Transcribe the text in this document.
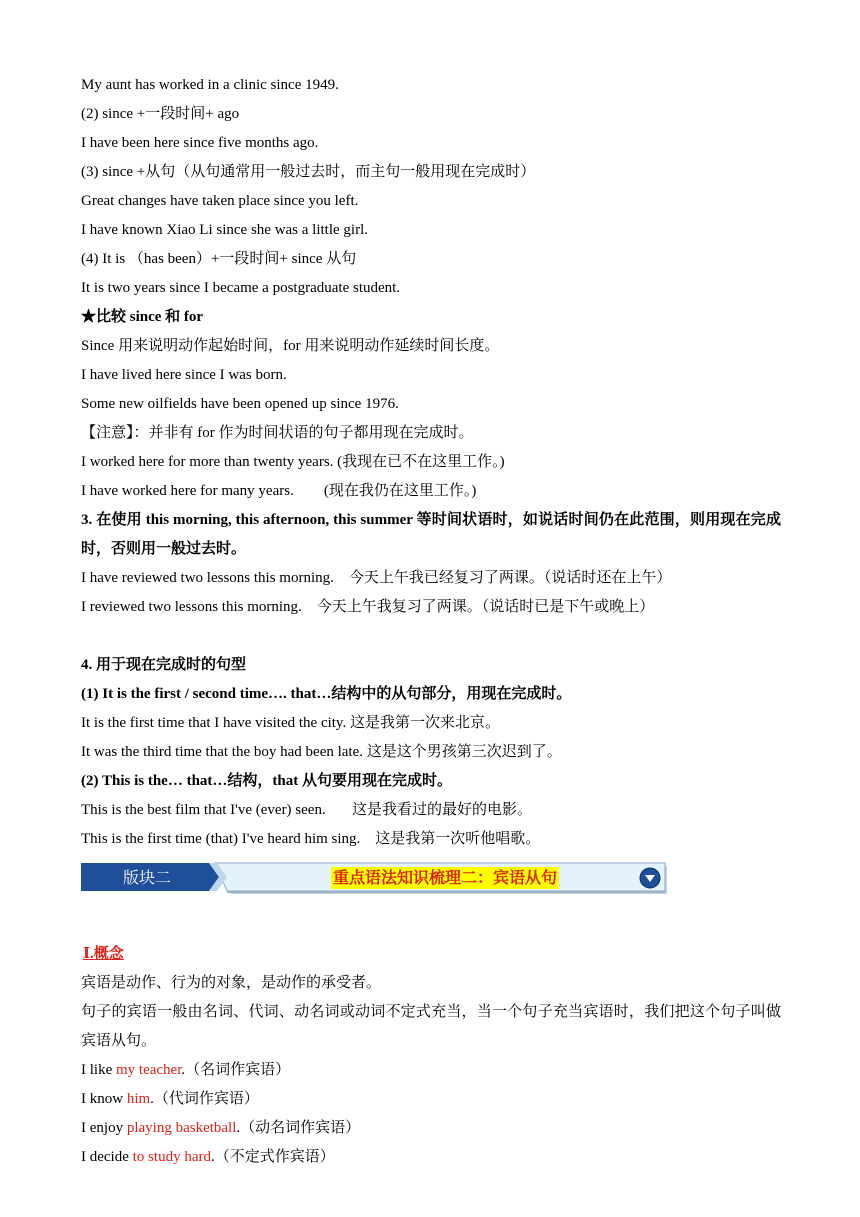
My aunt has worked in a clinic since 1949.
(2) since +一段时间+ ago
I have been here since five months ago.
(3) since +从句（从句通常用一般过去时，而主句一般用现在完成时）
Great changes have taken place since you left.
I have known Xiao Li since she was a little girl.
(4) It is （has been）+一段时间+ since 从句
It is two years since I became a postgraduate student.
★比较 since 和 for
Since 用来说明动作起始时间，for 用来说明动作延续时间长度。
I have lived here since I was born.
Some new oilfields have been opened up since 1976.
【注意】：并非有 for 作为时间状语的句子都用现在完成时。
I worked here for more than twenty years. (我现在已不在这里工作。)
I have worked here for many years.        (现在我仍在这里工作。)
3. 在使用 this morning, this afternoon, this summer 等时间状语时，如说话时间仍在此范围，则用现在完成时，否则用一般过去时。
I have reviewed two lessons this morning.    今天上午我已经复习了两课。（说话时还在上午）
I reviewed two lessons this morning.    今天上午我复习了两课。（说话时已是下午或晚上）
4. 用于现在完成时的句型
(1) It is the first / second time…. that…结构中的从句部分，用现在完成时。
It is the first time that I have visited the city. 这是我第一次来北京。
It was the third time that the boy had been late. 这是这个男孩第三次迟到了。
(2) This is the… that…结构，that 从句要用现在完成时。
This is the best film that I've (ever) seen.       这是我看过的最好的电影。
This is the first time (that) I've heard him sing.    这是我第一次听他唱歌。
版块二	重点语法知识梳理二：宾语从句
Ⅰ.概念
宾语是动作、行为的对象，是动作的承受者。
句子的宾语一般由名词、代词、动名词或动词不定式充当，当一个句子充当宾语时，我们把这个句子叫做宾语从句。
I like my teacher.（名词作宾语）
I know him.（代词作宾语）
I enjoy playing basketball.（动名词作宾语）
I decide to study hard.（不定式作宾语）
